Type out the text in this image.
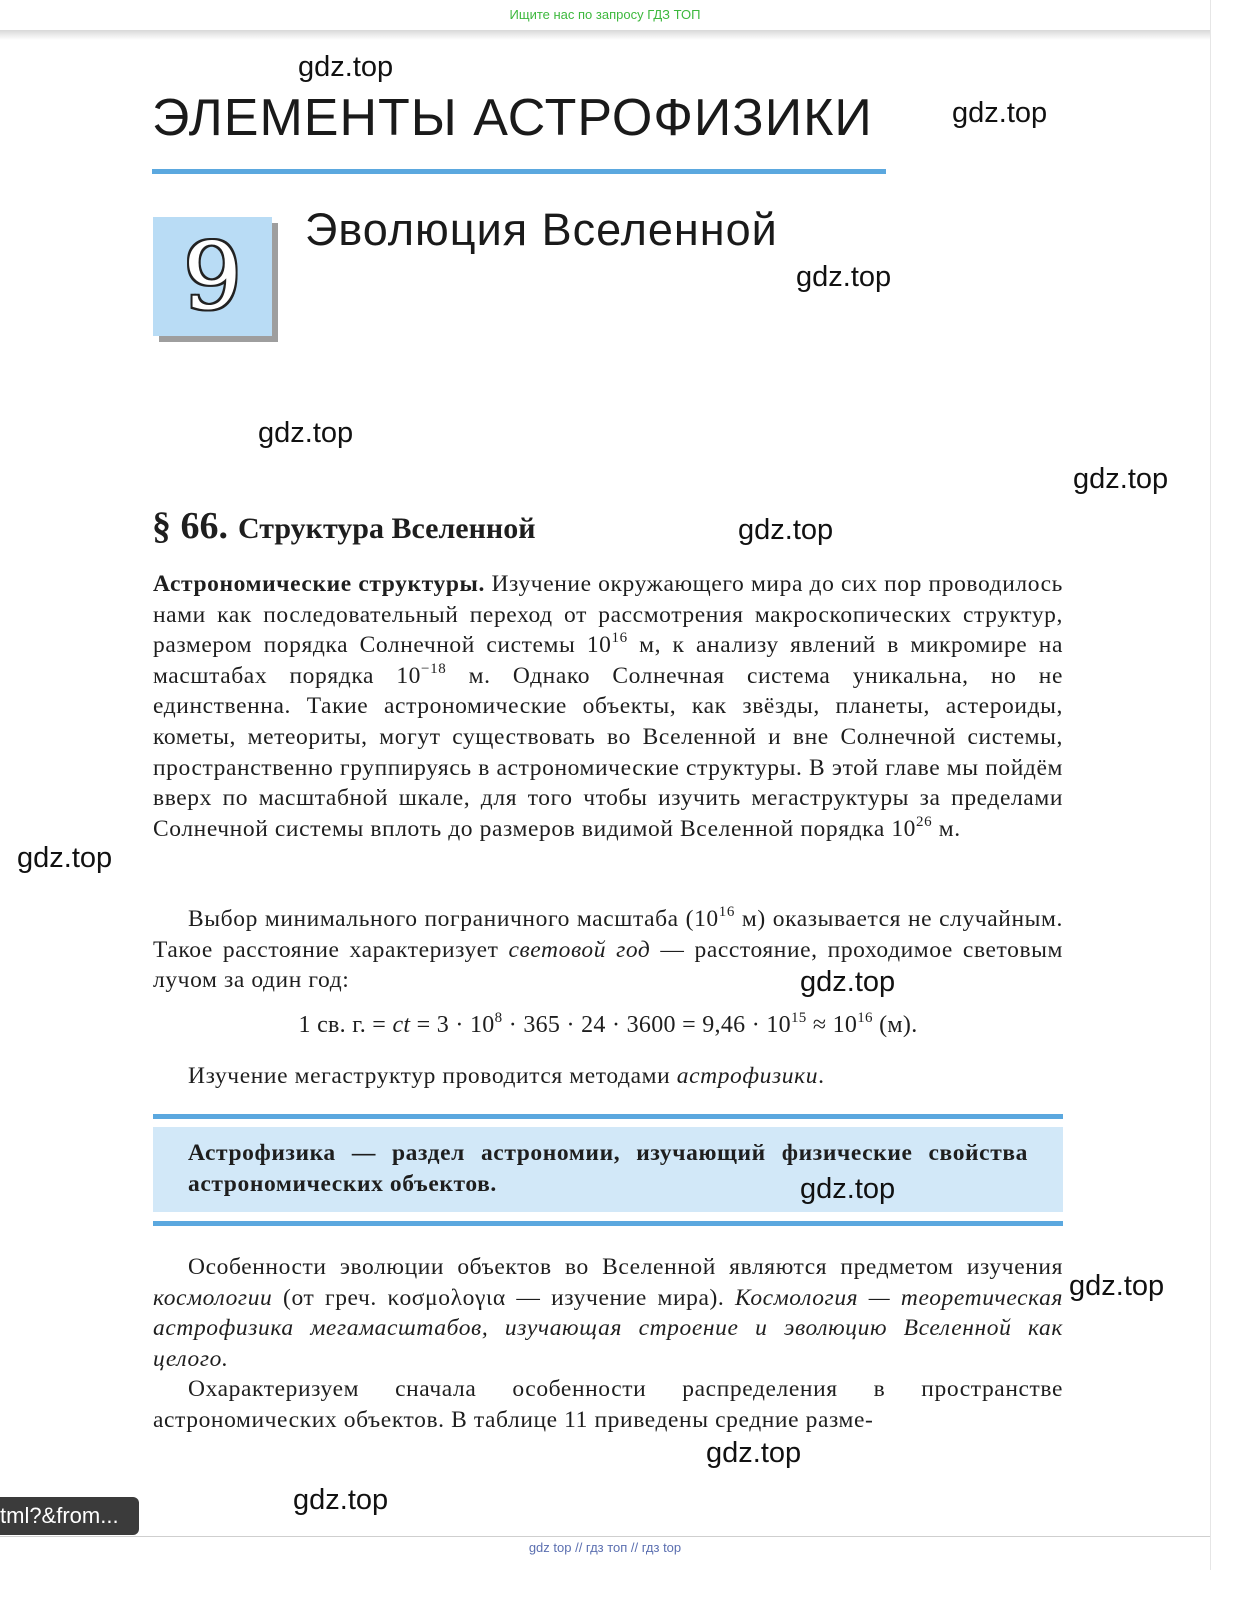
Ищите нас по запросу ГДЗ ТОП
ЭЛЕМЕНТЫ АСТРОФИЗИКИ
9	Эволюция Вселенной
§ 66. Структура Вселенной
Астрономические структуры. Изучение окружающего мира до сих пор проводилось нами как последовательный переход от рассмотрения макроскопических структур, размером порядка Солнечной системы $10^{16}$ м, к анализу явлений в микромире на масштабах порядка $10^{-18}$ м. Однако Солнечная система уникальна, но не единственна. Такие астрономические объекты, как звёзды, планеты, астероиды, кометы, метеориты, могут существовать во Вселенной и вне Солнечной системы, пространственно группируясь в астрономические структуры. В этой главе мы пойдём вверх по масштабной шкале, для того чтобы изучить мегаструктуры за пределами Солнечной системы вплоть до размеров видимой Вселенной порядка $10^{26}$ м.
Выбор минимального пограничного масштаба ($10^{16}$ м) оказывается не случайным. Такое расстояние характеризует световой год — расстояние, проходимое световым лучом за один год:
1 св. г. = ct = $3 \cdot 10^8 \cdot 365 \cdot 24 \cdot 3600 = 9,46 \cdot 10^{15} \approx 10^{16}$ (м).
Изучение мегаструктур проводится методами астрофизики.
Астрофизика — раздел астрономии, изучающий физические свойства астрономических объектов.
Особенности эволюции объектов во Вселенной являются предметом изучения космологии (от греч. κοσμολογια — изучение мира). Космология — теоретическая астрофизика мегамасштабов, изучающая строение и эволюцию Вселенной как целого.
Охарактеризуем сначала особенности распределения в пространстве астрономических объектов. В таблице 11 приведены средние разме-
gdz.top
gdz.top
gdz.top
gdz.top
gdz.top
gdz.top
gdz.top
gdz.top
gdz.top
gdz.top
gdz.top
gdz.top
tml?&from...
gdz top // гдз топ // гдз top
